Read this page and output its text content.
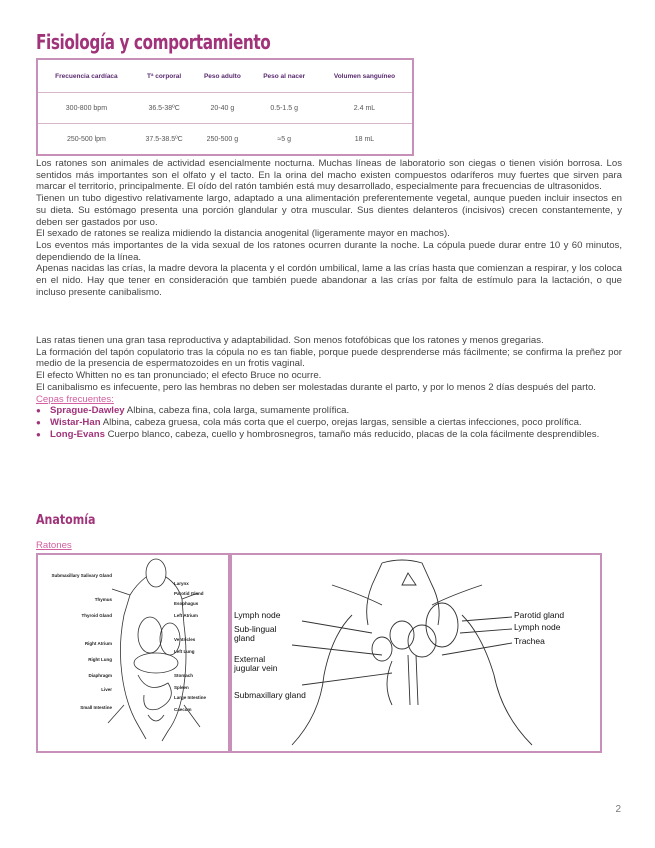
Fisiología y comportamiento
Frecuencia cardíaca	Tª corporal	Peso adulto	Peso al nacer	Volumen sanguíneo
300-800 bpm	36.5-38ºC	20-40 g	0.5-1.5 g	2.4 mL
250-500 lpm	37.5-38.5ºC	250-500 g	≈5 g	18 mL

Los ratones son animales de actividad esencialmente nocturna. Muchas líneas de laboratorio son ciegas o tienen visión borrosa. Los sentidos más importantes son el olfato y el tacto. En la orina del macho existen compuestos odaríferos muy fuertes que sirven para marcar el territorio, principalmente. El oído del ratón también está muy desarrollado, especialmente para frecuencias de ultrasonidos.

Tienen un tubo digestivo relativamente largo, adaptado a una alimentación preferentemente vegetal, aunque pueden incluir insectos en su dieta. Su estómago presenta una porción glandular y otra muscular. Sus dientes delanteros (incisivos) crecen constantemente, y deben ser gastados por uso.

El sexado de ratones se realiza midiendo la distancia anogenital (ligeramente mayor en machos).

Los eventos más importantes de la vida sexual de los ratones ocurren durante la noche. La cópula puede durar entre 10 y 60 minutos, dependiendo de la línea.

Apenas nacidas las crías, la madre devora la placenta y el cordón umbilical, lame a las crías hasta que comienzan a respirar, y los coloca en el nido. Hay que tener en consideración que también puede abandonar a las crías por falta de estímulo para la lactación, o que incluso presente canibalismo.

Las ratas tienen una gran tasa reproductiva y adaptabilidad. Son menos fotofóbicas que los ratones y menos gregarias.

La formación del tapón copulatorio tras la cópula no es tan fiable, porque puede desprenderse más fácilmente; se confirma la preñez por medio de la presencia de espermatozoides en un frotis vaginal.

El efecto Whitten no es tan pronunciado; el efecto Bruce no ocurre.

El canibalismo es infecuente, pero las hembras no deben ser molestadas durante el parto, y por lo menos 2 días después del parto.

Cepas frecuentes:

● Sprague-Dawley Albina, cabeza fina, cola larga, sumamente prolífica.
● Wistar-Han Albina, cabeza gruesa, cola más corta que el cuerpo, orejas largas, sensible a ciertas infecciones, poco prolífica.
● Long-Evans Cuerpo blanco, cabeza, cuello y hombrosnegros, tamaño más reducido, placas de la cola fácilmente desprendibles.
Anatomía
Ratones
Submaxillary Salivary Gland
Thymus
Thyroid Gland
Right Atrium
Right Lung
Diaphragm
Liver
Small Intestine
Larynx
Parotid Gland
Esophagus
Left Atrium
Ventricles
Left Lung
Stomach
Spleen
Large Intestine
Caecum
Lymph node
Sub-lingual gland
External jugular vein
Submaxillary gland
Parotid gland
Lymph node
Trachea
2
